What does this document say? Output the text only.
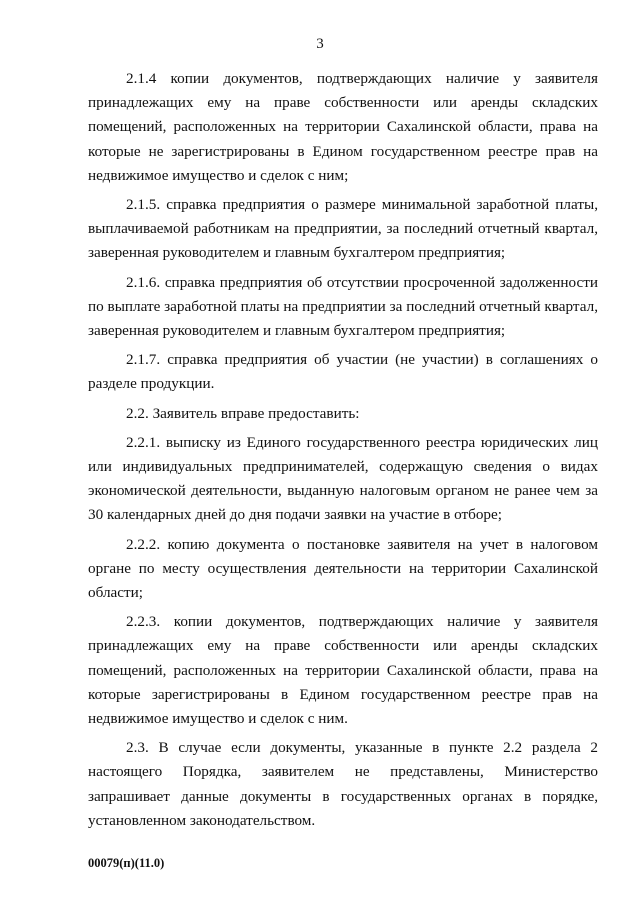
3

2.1.4 копии документов, подтверждающих наличие у заявителя принадлежащих ему на праве собственности или аренды складских помещений, расположенных на территории Сахалинской области, права на которые не зарегистрированы в Едином государственном реестре прав на недвижимое имущество и сделок с ним;

2.1.5. справка предприятия о размере минимальной заработной платы, выплачиваемой работникам на предприятии, за последний отчетный квартал, заверенная руководителем и главным бухгалтером предприятия;

2.1.6. справка предприятия об отсутствии просроченной задолженности по выплате заработной платы на предприятии за последний отчетный квартал, заверенная руководителем и главным бухгалтером предприятия;

2.1.7. справка предприятия об участии (не участии) в соглашениях о разделе продукции.

2.2. Заявитель вправе предоставить:

2.2.1. выписку из Единого государственного реестра юридических лиц или индивидуальных предпринимателей, содержащую сведения о видах экономической деятельности, выданную налоговым органом не ранее чем за 30 календарных дней до дня подачи заявки на участие в отборе;

2.2.2. копию документа о постановке заявителя на учет в налоговом органе по месту осуществления деятельности на территории Сахалинской области;

2.2.3. копии документов, подтверждающих наличие у заявителя принадлежащих ему на праве собственности или аренды складских помещений, расположенных на территории Сахалинской области, права на которые зарегистрированы в Едином государственном реестре прав на недвижимое имущество и сделок с ним.

2.3. В случае если документы, указанные в пункте 2.2 раздела 2 настоящего Порядка, заявителем не представлены, Министерство запрашивает данные документы в государственных органах в порядке, установленном законодательством.

00079(п)(11.0)
